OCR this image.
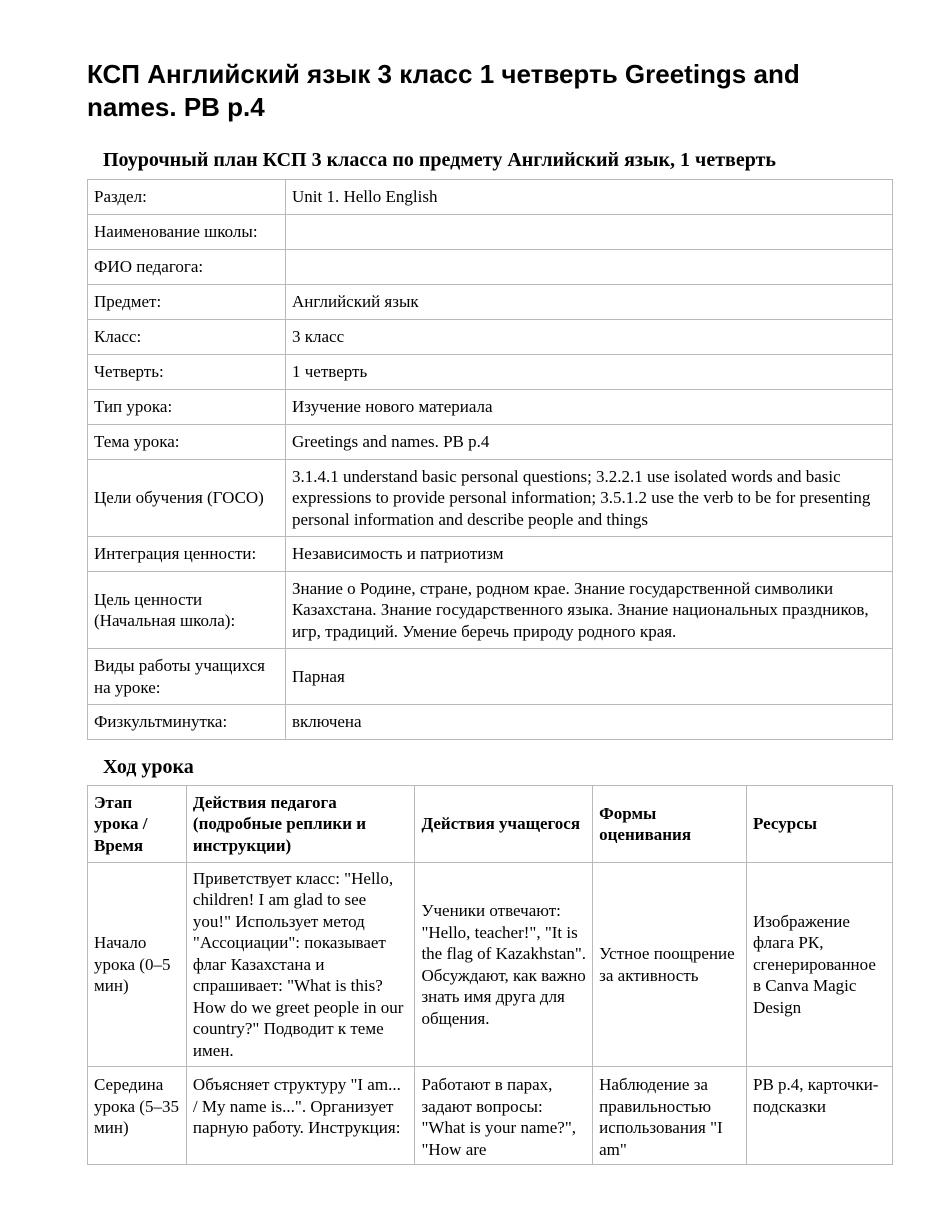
КСП Английский язык 3 класс 1 четверть Greetings and names. PB p.4
Поурочный план КСП 3 класса по предмету Английский язык, 1 четверть
Раздел:	Unit 1. Hello English
Наименование школы:	
ФИО педагога:	
Предмет:	Английский язык
Класс:	3 класс
Четверть:	1 четверть
Тип урока:	Изучение нового материала
Тема урока:	Greetings and names. PB p.4
Цели обучения (ГОСО)	3.1.4.1 understand basic personal questions; 3.2.2.1 use isolated words and basic expressions to provide personal information; 3.5.1.2 use the verb to be for presenting personal information and describe people and things
Интеграция ценности:	Независимость и патриотизм
Цель ценности (Начальная школа):	Знание о Родине, стране, родном крае. Знание государственной символики Казахстана. Знание государственного языка. Знание национальных праздников, игр, традиций. Умение беречь природу родного края.
Виды работы учащихся на уроке:	Парная
Физкультминутка:	включена
Ход урока
Этап урока / Время	Действия педагога (подробные реплики и инструкции)	Действия учащегося	Формы оценивания	Ресурсы
Начало урока (0–5 мин)	Приветствует класс: "Hello, children! I am glad to see you!" Использует метод "Ассоциации": показывает флаг Казахстана и спрашивает: "What is this? How do we greet people in our country?" Подводит к теме имен.	Ученики отвечают: "Hello, teacher!", "It is the flag of Kazakhstan". Обсуждают, как важно знать имя друга для общения.	Устное поощрение за активность	Изображение флага РК, сгенерированное в Canva Magic Design
Середина урока (5–35 мин)	Объясняет структуру "I am... / My name is...". Организует парную работу. Инструкция:	Работают в парах, задают вопросы: "What is your name?", "How are	Наблюдение за правильностью использования "I am"	PB p.4, карточки-подсказки
